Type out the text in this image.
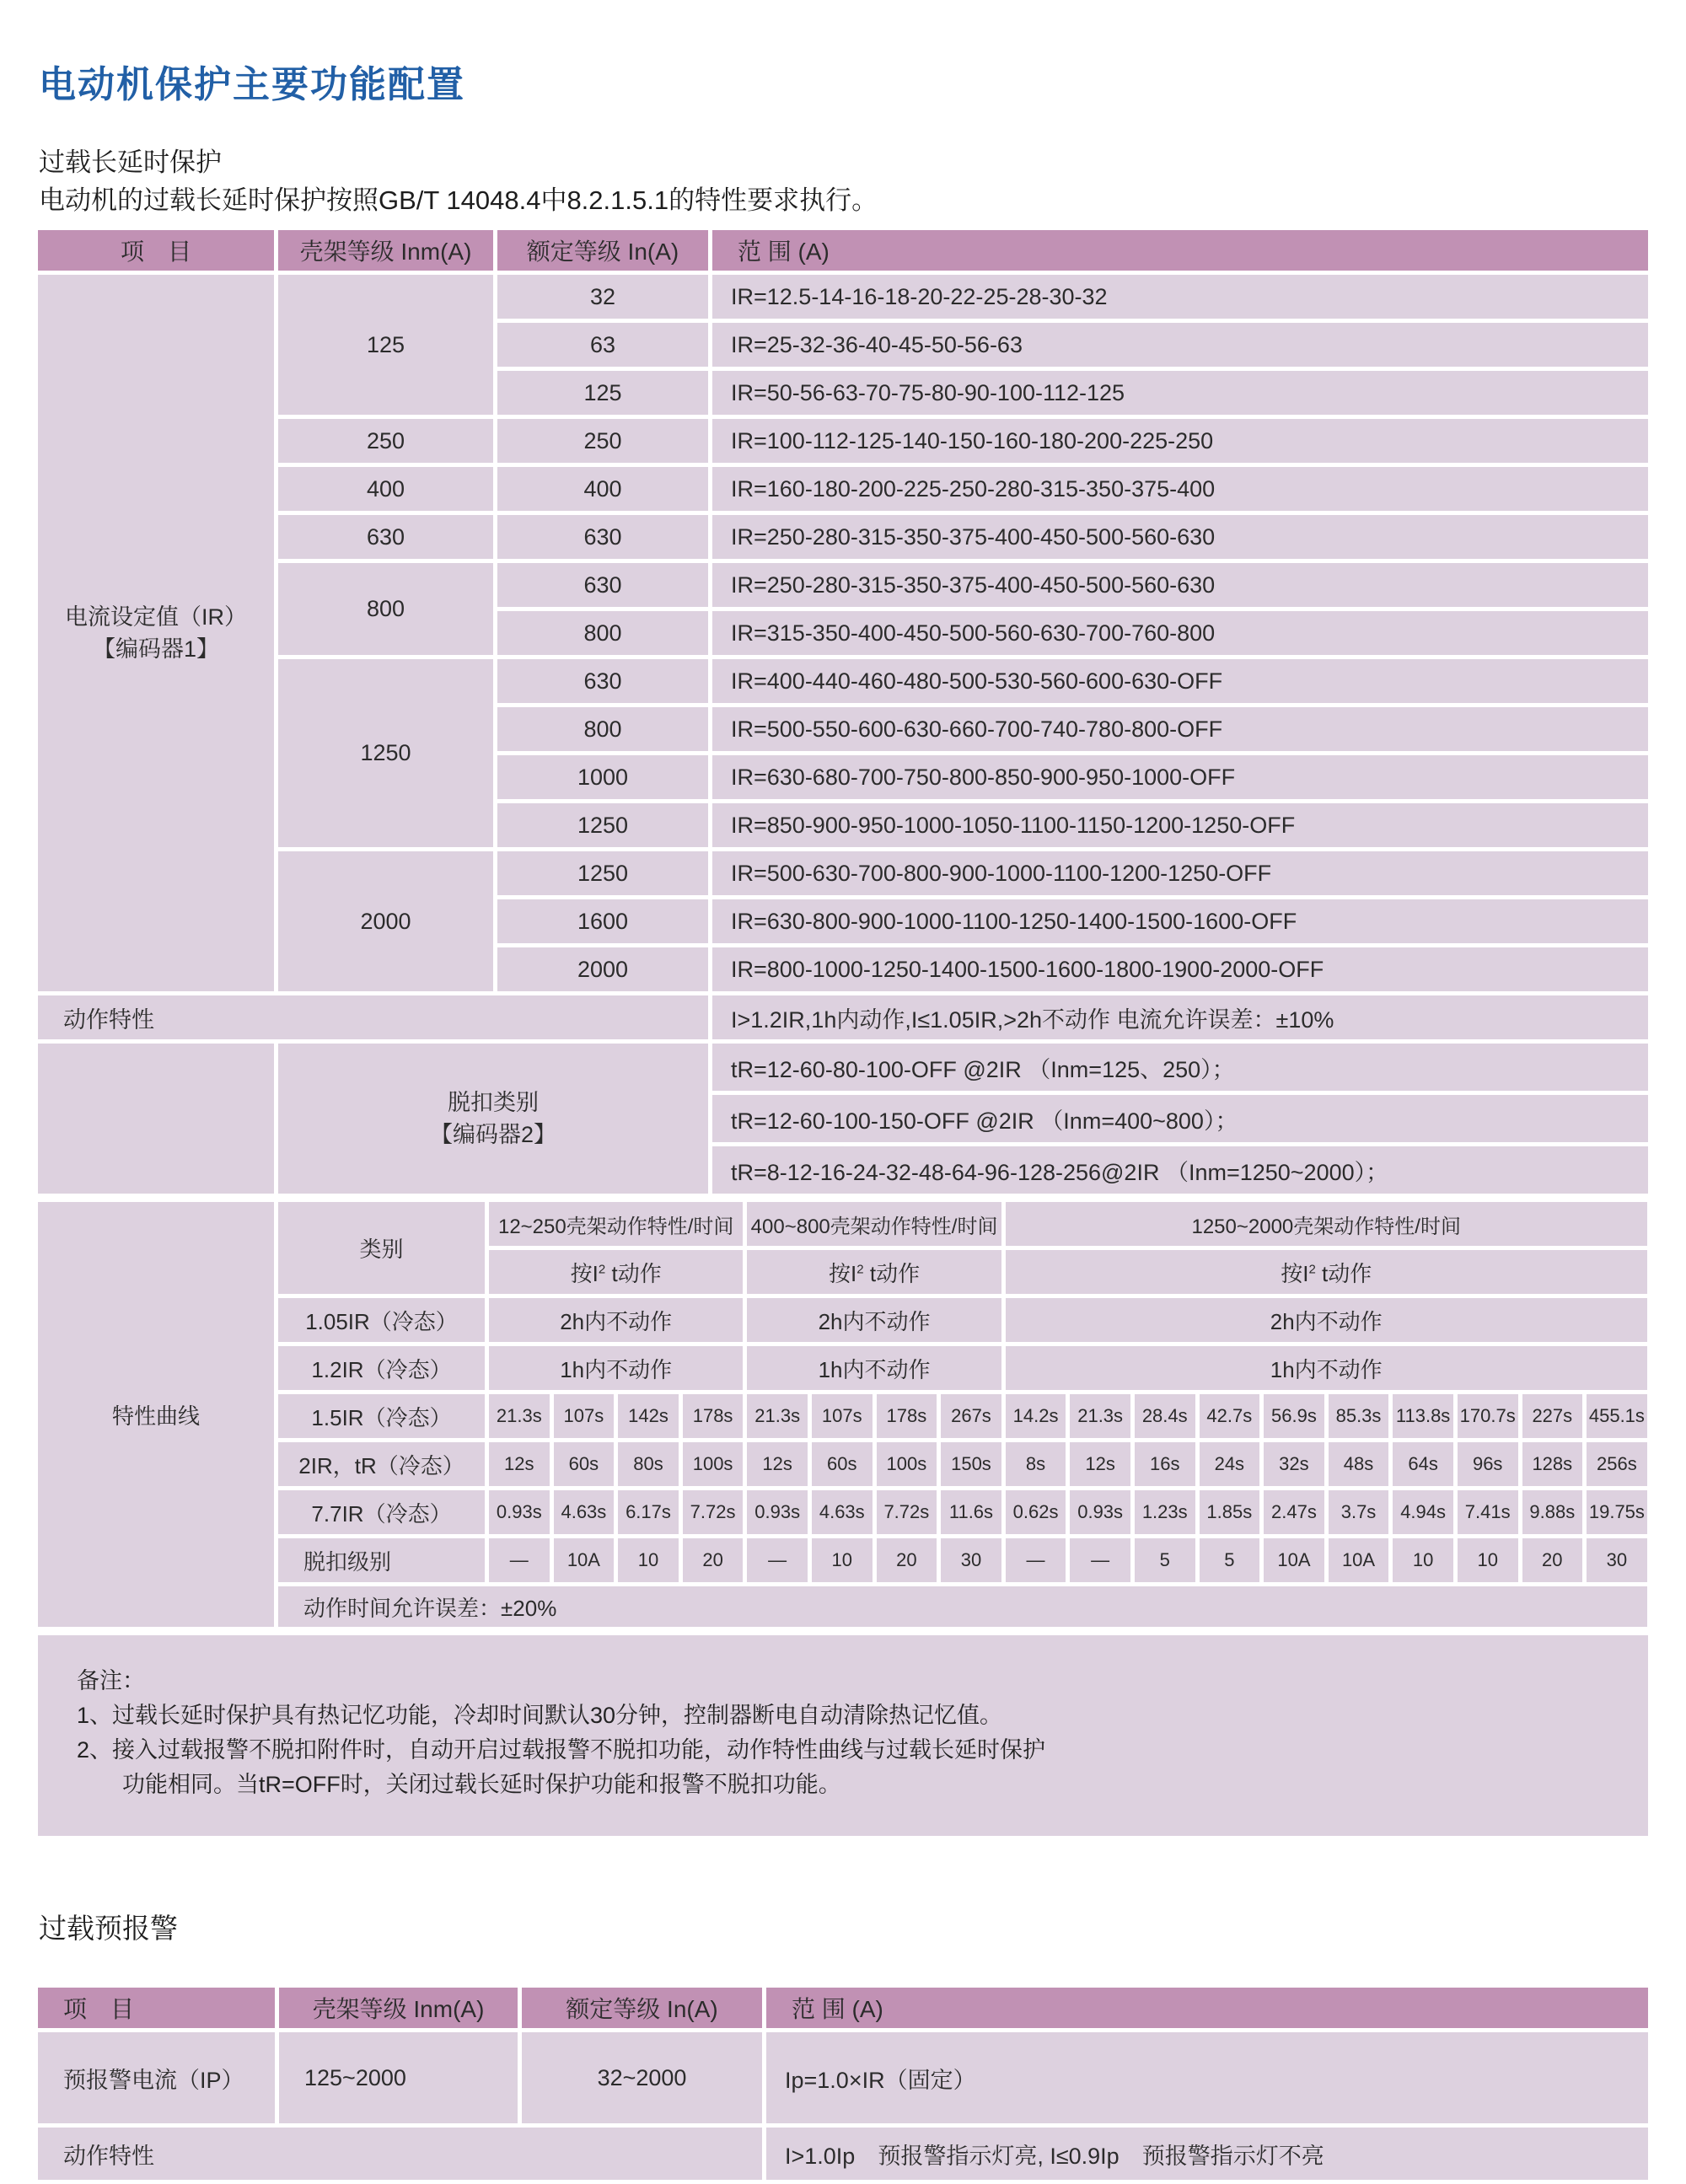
电动机保护主要功能配置

过载长延时保护

电动机的过载长延时保护按照GB/T 14048.4中8.2.1.5.1的特性要求执行。

项　目	壳架等级 Inm(A)	额定等级 In(A)	范 围 (A)

电流设定值（IR）
【编码器1】	125	32	IR=12.5-14-16-18-20-22-25-28-30-32
		63	IR=25-32-36-40-45-50-56-63
		125	IR=50-56-63-70-75-80-90-100-112-125
	250	250	IR=100-112-125-140-150-160-180-200-225-250
	400	400	IR=160-180-200-225-250-280-315-350-375-400
	630	630	IR=250-280-315-350-375-400-450-500-560-630
	800	630	IR=250-280-315-350-375-400-450-500-560-630
		800	IR=315-350-400-450-500-560-630-700-760-800
	1250	630	IR=400-440-460-480-500-530-560-600-630-OFF
		800	IR=500-550-600-630-660-700-740-780-800-OFF
		1000	IR=630-680-700-750-800-850-900-950-1000-OFF
		1250	IR=850-900-950-1000-1050-1100-1150-1200-1250-OFF
	2000	1250	IR=500-630-700-800-900-1000-1100-1200-1250-OFF
		1600	IR=630-800-900-1000-1100-1250-1400-1500-1600-OFF
		2000	IR=800-1000-1250-1400-1500-1600-1800-1900-2000-OFF
动作特性			I>1.2IR,1h内动作,I≤1.05IR,>2h不动作 电流允许误差：±10%

	脱扣类别
【编码器2】		tR=12-60-80-100-OFF @2IR （Inm=125、250）；
			tR=12-60-100-150-OFF @2IR （Inm=400~800）；
			tR=8-12-16-24-32-48-64-96-128-256@2IR （Inm=1250~2000）；
特性曲线	类别	12~250壳架动作特性/时间				400~800壳架动作特性/时间				1250~2000壳架动作特性/时间									
		按$I^2$ t动作				按$I^2$ t动作				按$I^2$ t动作									
	1.05IR（冷态）	2h内不动作				2h内不动作				2h内不动作									
	1.2IR（冷态）	1h内不动作				1h内不动作				1h内不动作									
	1.5IR（冷态）	21.3s	107s	142s	178s	21.3s	107s	178s	267s	14.2s	21.3s	28.4s	42.7s	56.9s	85.3s	113.8s	170.7s	227s	455.1s
	2IR，tR（冷态）	12s	60s	80s	100s	12s	60s	100s	150s	8s	12s	16s	24s	32s	48s	64s	96s	128s	256s
	7.7IR（冷态）	0.93s	4.63s	6.17s	7.72s	0.93s	4.63s	7.72s	11.6s	0.62s	0.93s	1.23s	1.85s	2.47s	3.7s	4.94s	7.41s	9.88s	19.75s
	脱扣级别	—	10A	10	20	—	10	20	30	—	—	5	5	10A	10A	10	10	20	30
	动作时间允许误差：±20%																		
备注：
1、过载长延时保护具有热记忆功能，冷却时间默认30分钟，控制器断电自动清除热记忆值。
2、接入过载报警不脱扣附件时，自动开启过载报警不脱扣功能，动作特性曲线与过载长延时保护
　　功能相同。当tR=OFF时，关闭过载长延时保护功能和报警不脱扣功能。
过载预报警
项　目	壳架等级 Inm(A)	额定等级 In(A)	范 围 (A)
预报警电流（IP）	125~2000	32~2000	Ip=1.0×IR（固定）
动作特性			I>1.0Ip　预报警指示灯亮, I≤0.9Ip　预报警指示灯不亮
